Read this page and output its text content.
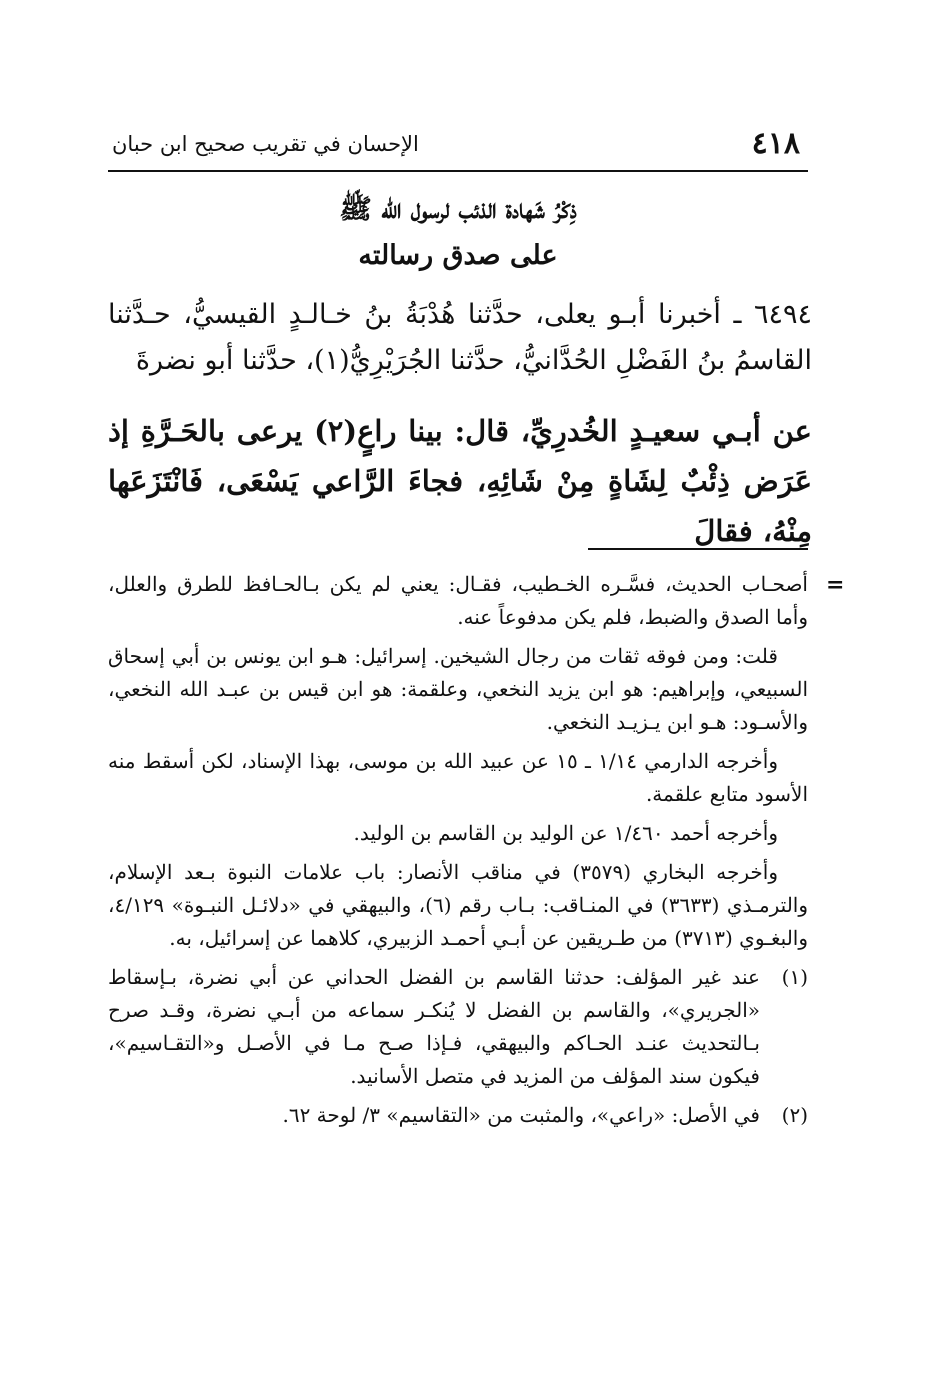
٤١٨
الإحسان في تقريب صحيح ابن حبان
ذِكْرُ شَهادة الذئب لرسول الله ﷺ
على صدق رسالته

٦٤٩٤ ـ أخبرنا أبـو يعلى، حدَّثنا هُدْبَةُ بنُ خـالـدٍ القيسيُّ، حـدَّثنا القاسمُ بنُ الفَضْلِ الحُدَّانيُّ، حدَّثنا الجُرَيْرِيُّ(١)، حدَّثنا أبو نضرةَ

عن أبـي سعيـدٍ الخُدرِيِّ، قال: بينا راعٍ(٢) يرعى بالحَـرَّةِ إذ عَرَض ذِئْبٌ لِشَاةٍ مِنْ شَائِهِ، فجاءَ الرَّاعي يَسْعَى، فَانْتَزَعَها مِنْهُ، فقالَ

=

أصحـاب الحديث، فسَّـره الخـطيب، فقـال: يعني لم يكن بـالحـافظ للطرق والعلل، وأما الصدق والضبط، فلم يكن مدفوعاً عنه.

قلت: ومن فوقه ثقات من رجال الشيخين. إسرائيل: هـو ابن يونس بن أبي إسحاق السبيعي، وإبراهيم: هو ابن يزيد النخعي، وعلقمة: هو ابن قيس بن عبـد الله النخعي، والأسـود: هـو ابن يـزيـد النخعي.

وأخرجه الدارمي ١/١٤ ـ ١٥ عن عبيد الله بن موسى، بهذا الإسناد، لكن أسقط منه الأسود متابع علقمة.

وأخرجه أحمد ١/٤٦٠ عن الوليد بن القاسم بن الوليد.

وأخرجه البخاري (٣٥٧٩) في مناقب الأنصار: باب علامات النبوة بـعد الإسلام، والترمـذي (٣٦٣٣) في المنـاقب: بـاب رقم (٦)، والبيهقي في «دلائـل النبـوة» ٤/١٢٩، والبغـوي (٣٧١٣) من طـريقين عن أبـي أحمـد الزبيري، كلاهما عن إسرائيل، به.

(١)
عند غير المؤلف: حدثنا القاسم بن الفضل الحداني عن أبي نضرة، بـإسقاط «الجريري»، والقاسم بن الفضل لا يُنكـر سماعه من أبـي نضرة، وقـد صرح بـالتحديث عنـد الحـاكم والبيهقي، فـإذا صـح مـا في الأصـل و«التقـاسيم»، فيكون سند المؤلف من المزيد في متصل الأسانيد.
(٢)
في الأصل: «راعي»، والمثبت من «التقاسيم» ٣/ لوحة ٦٢.
